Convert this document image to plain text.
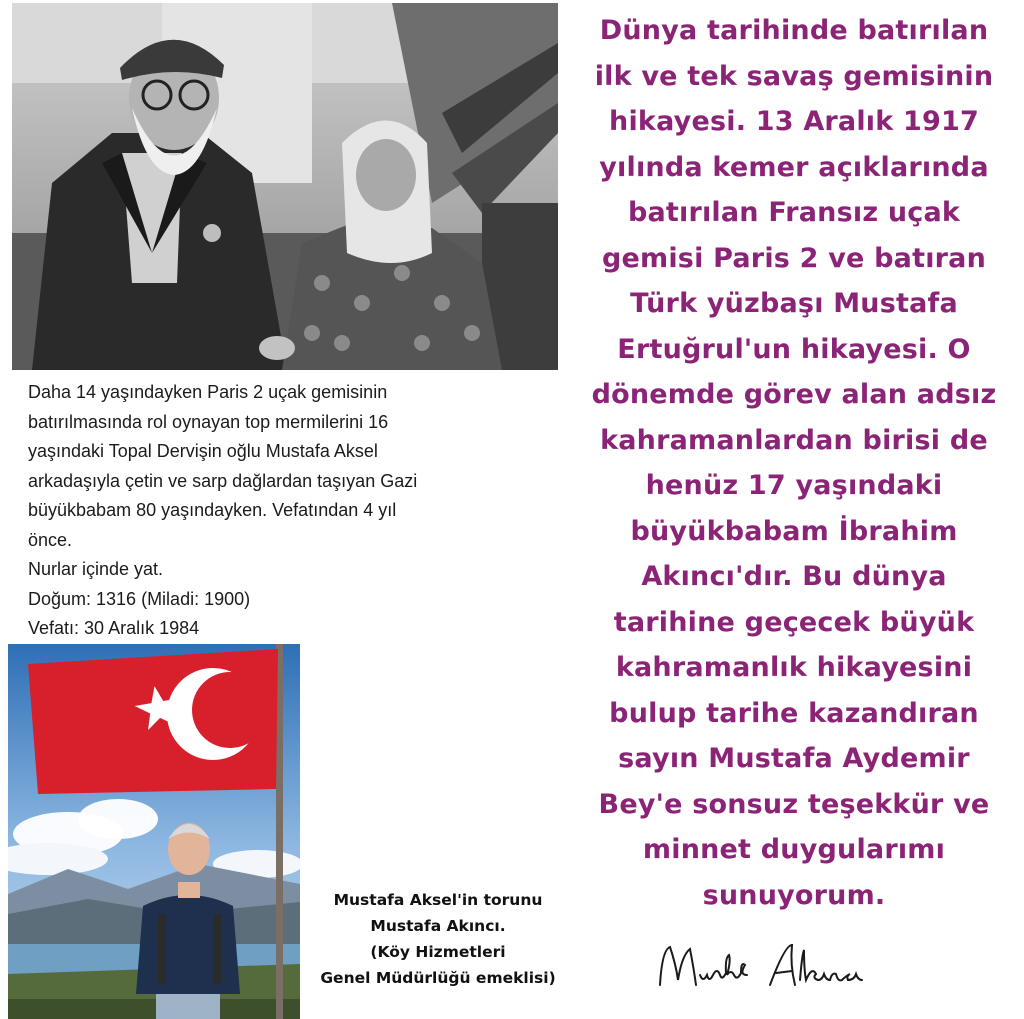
Daha 14 yaşındayken Paris 2 uçak gemisinin
batırılmasında rol oynayan top mermilerini 16
yaşındaki Topal Dervişin oğlu Mustafa Aksel
arkadaşıyla çetin ve sarp dağlardan taşıyan Gazi
büyükbabam 80 yaşındayken. Vefatından 4 yıl
önce.
Nurlar içinde yat.
Doğum: 1316 (Miladi: 1900)
Vefatı: 30 Aralık 1984
Mustafa Aksel'in torunu
Mustafa Akıncı.
(Köy Hizmetleri
Genel Müdürlüğü emeklisi)
Dünya tarihinde batırılan
ilk ve tek savaş gemisinin
hikayesi. 13 Aralık 1917
yılında kemer açıklarında
batırılan Fransız uçak
gemisi Paris 2 ve batıran
Türk yüzbaşı Mustafa
Ertuğrul'un hikayesi. O
dönemde görev alan adsız
kahramanlardan birisi de
henüz 17 yaşındaki
büyükbabam İbrahim
Akıncı'dır. Bu dünya
tarihine geçecek büyük
kahramanlık hikayesini
bulup tarihe kazandıran
sayın Mustafa Aydemir
Bey'e sonsuz teşekkür ve
minnet duygularımı
sunuyorum.
